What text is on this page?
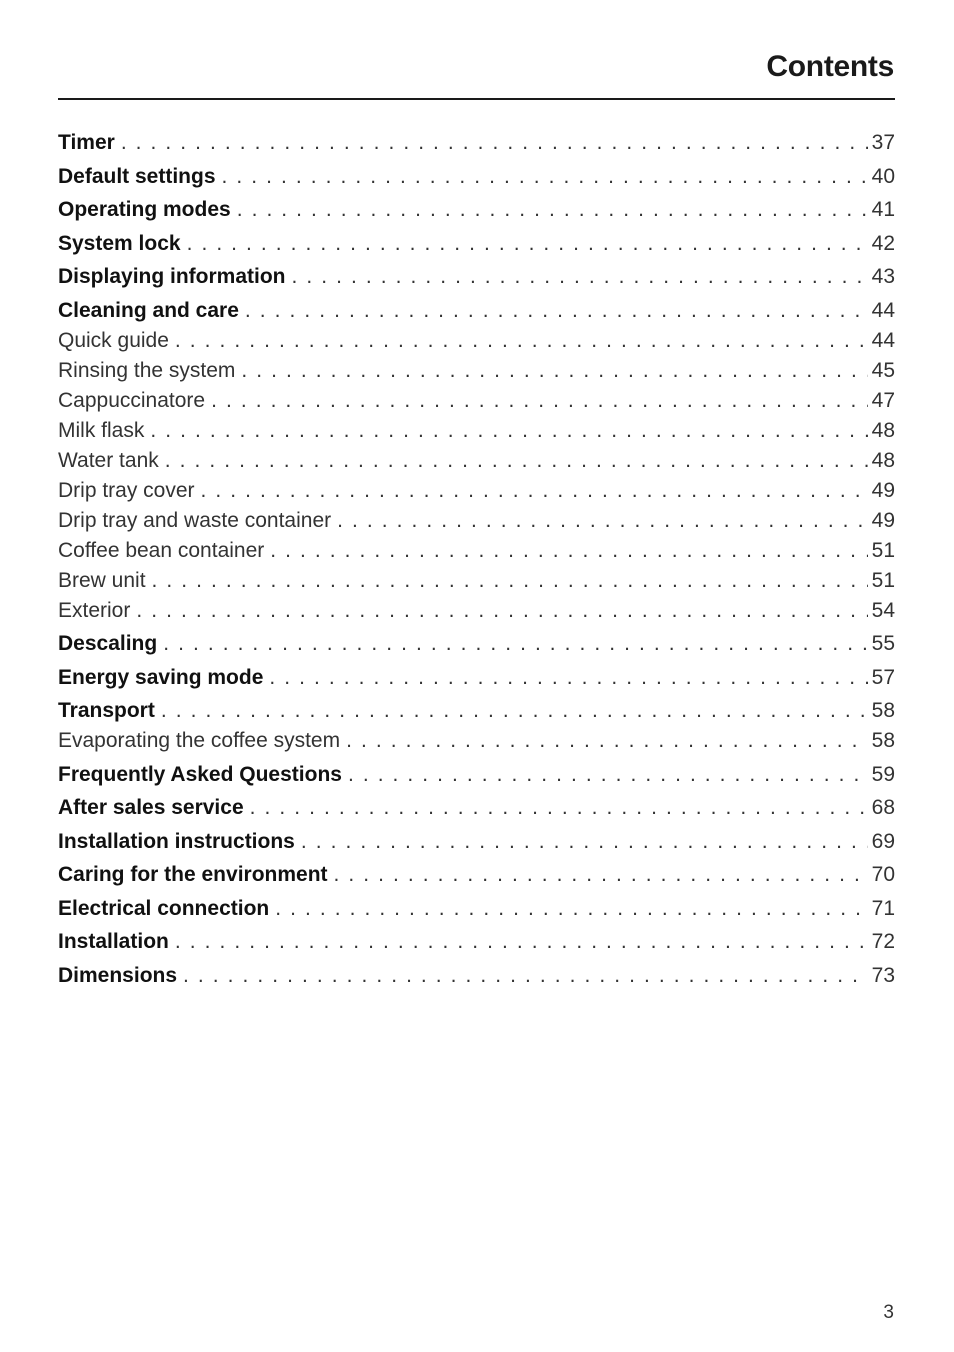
Contents
Timer . . .	37
Default settings . . .	40
Operating modes . . .	41
System lock . . .	42
Displaying information . . .	43
Cleaning and care . . .	44
Quick guide . . .	44
Rinsing the system . . .	45
Cappuccinatore . . .	47
Milk flask . . .	48
Water tank . . .	48
Drip tray cover . . .	49
Drip tray and waste container . . .	49
Coffee bean container . . .	51
Brew unit . . .	51
Exterior . . .	54
Descaling . . .	55
Energy saving mode . . .	57
Transport . . .	58
Evaporating the coffee system . . .	58
Frequently Asked Questions . . .	59
After sales service . . .	68
Installation instructions . . .	69
Caring for the environment . . .	70
Electrical connection . . .	71
Installation . . .	72
Dimensions . . .	73
3
